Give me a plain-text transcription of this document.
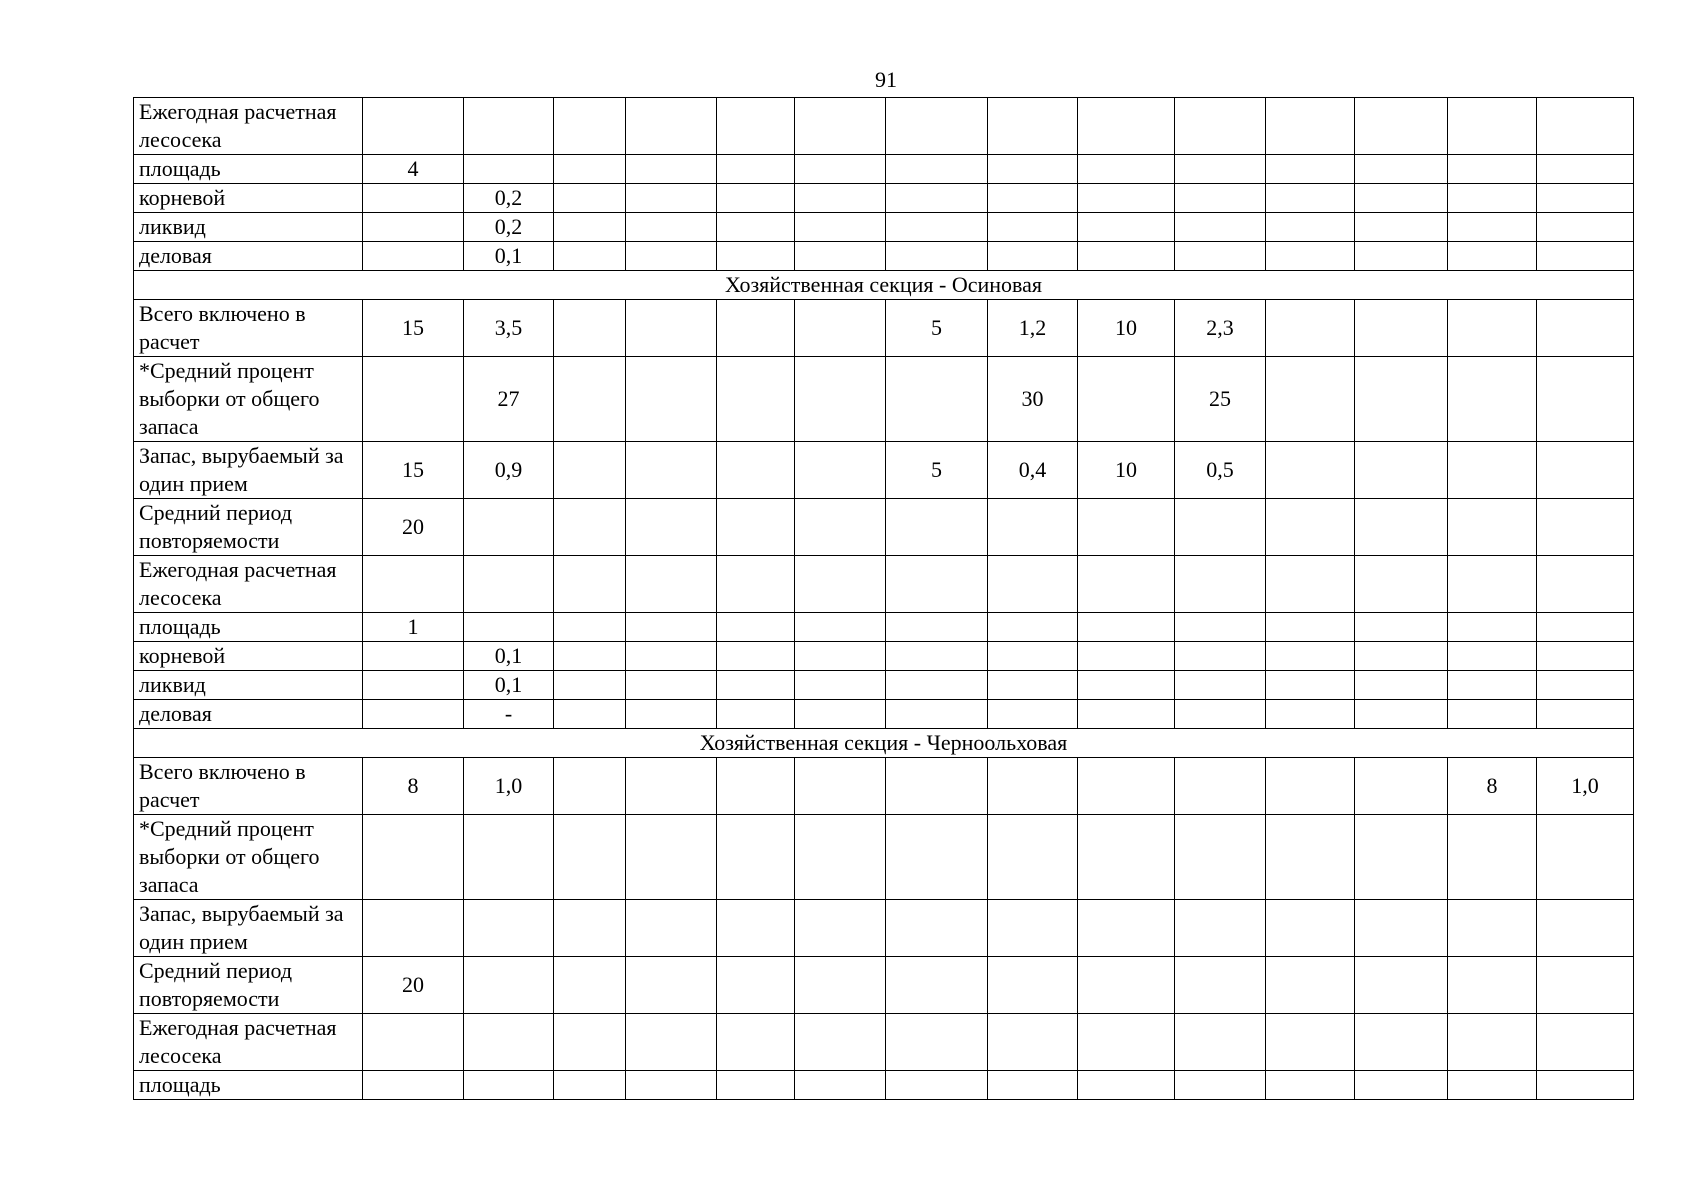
91
Ежегодная расчетная лесосека														
площадь	4													
корневой		0,2												
ликвид		0,2												
деловая		0,1												
Хозяйственная секция - Осиновая														
Всего включено в расчет	15	3,5					5	1,2	10	2,3				
*Средний процент выборки от общего запаса		27						30		25				
Запас, вырубаемый за один прием	15	0,9					5	0,4	10	0,5				
Средний период повторяемости	20													
Ежегодная расчетная лесосека														
площадь	1													
корневой		0,1												
ликвид		0,1												
деловая		-												
Хозяйственная секция - Черноольховая														
Всего включено в расчет	8	1,0											8	1,0
*Средний процент выборки от общего запаса														
Запас, вырубаемый за один прием														
Средний период повторяемости	20													
Ежегодная расчетная лесосека														
площадь														
